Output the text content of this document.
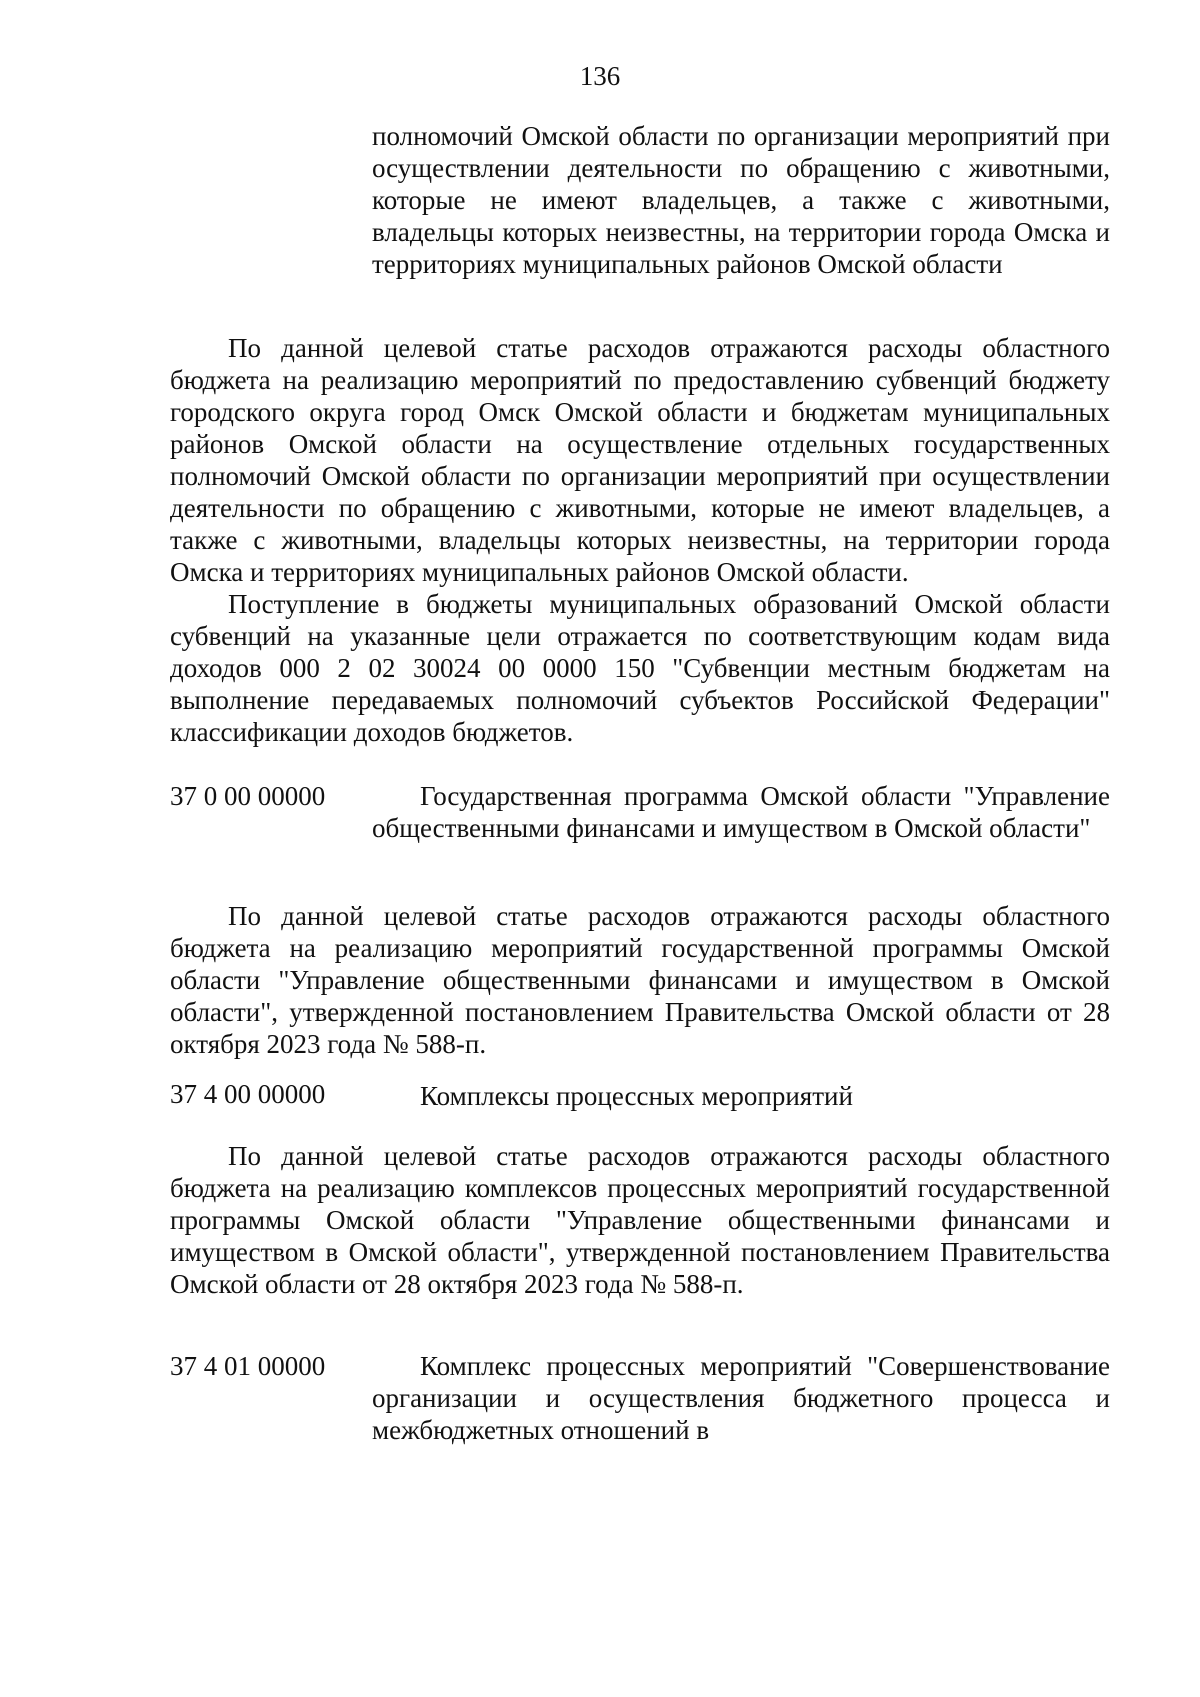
136
полномочий Омской области по организации мероприятий при осуществлении деятельности по обращению с животными, которые не имеют владельцев, а также с животными, владельцы которых неизвестны, на территории города Омска и территориях муниципальных районов Омской области

По данной целевой статье расходов отражаются расходы областного бюджета на реализацию мероприятий по предоставлению субвенций бюджету городского округа город Омск Омской области и бюджетам муниципальных районов Омской области на осуществление отдельных государственных полномочий Омской области по организации мероприятий при осуществлении деятельности по обращению с животными, которые не имеют владельцев, а также с животными, владельцы которых неизвестны, на территории города Омска и территориях муниципальных районов Омской области.

Поступление в бюджеты муниципальных образований Омской области субвенций на указанные цели отражается по соответствующим кодам вида доходов 000 2 02 30024 00 0000 150 "Субвенции местным бюджетам на выполнение передаваемых полномочий субъектов Российской Федерации" классификации доходов бюджетов.

37 0 00 00000	Государственная программа Омской области "Управление общественными финансами и имуществом в Омской области"

По данной целевой статье расходов отражаются расходы областного бюджета на реализацию мероприятий государственной программы Омской области "Управление общественными финансами и имуществом в Омской области", утвержденной постановлением Правительства Омской области от 28 октября 2023 года № 588-п.

37 4 00 00000	Комплексы процессных мероприятий

По данной целевой статье расходов отражаются расходы областного бюджета на реализацию комплексов процессных мероприятий государственной программы Омской области "Управление общественными финансами и имуществом в Омской области", утвержденной постановлением Правительства Омской области от 28 октября 2023 года № 588-п.

37 4 01 00000	Комплекс процессных мероприятий "Совершенствование организации и осуществления бюджетного процесса и межбюджетных отношений в
